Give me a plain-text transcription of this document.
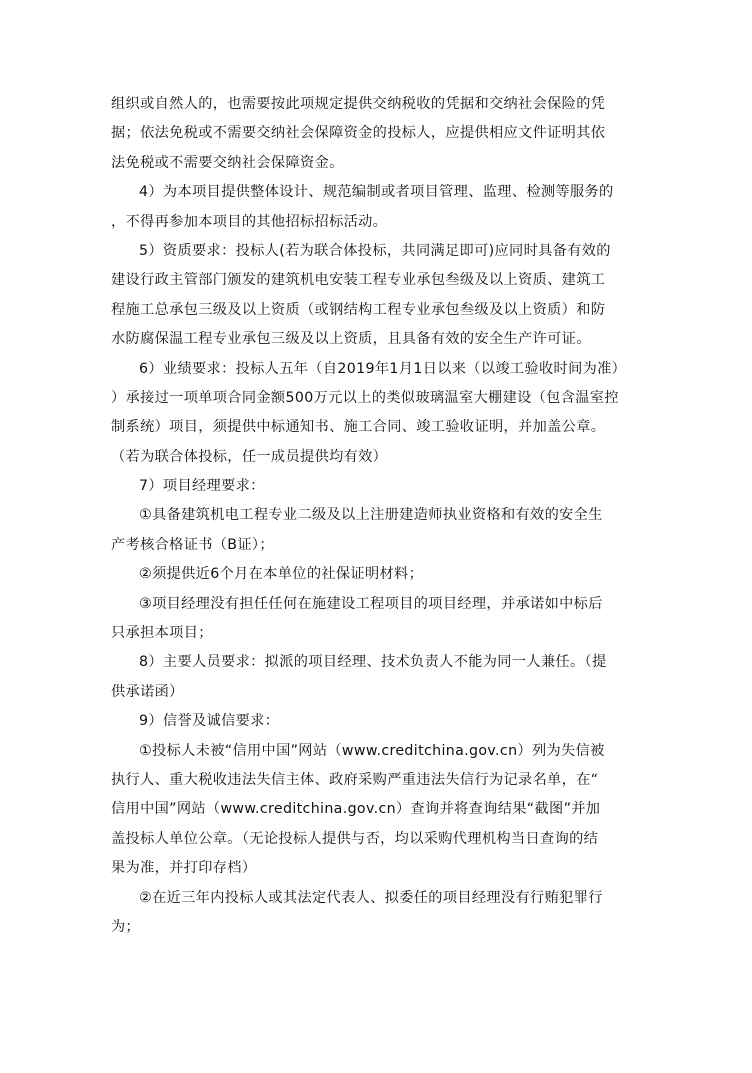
组织或自然人的，也需要按此项规定提供交纳税收的凭据和交纳社会保险的凭
据；依法免税或不需要交纳社会保障资金的投标人，应提供相应文件证明其依
法免税或不需要交纳社会保障资金。
4）为本项目提供整体设计、规范编制或者项目管理、监理、检测等服务的
，不得再参加本项目的其他招标招标活动。
5）资质要求：投标人(若为联合体投标，共同满足即可)应同时具备有效的
建设行政主管部门颁发的建筑机电安装工程专业承包叁级及以上资质、建筑工
程施工总承包三级及以上资质（或钢结构工程专业承包叁级及以上资质）和防
水防腐保温工程专业承包三级及以上资质，且具备有效的安全生产许可证。
6）业绩要求：投标人五年（自2019年1月1日以来（以竣工验收时间为准）
）承接过一项单项合同金额500万元以上的类似玻璃温室大棚建设（包含温室控
制系统）项目，须提供中标通知书、施工合同、竣工验收证明，并加盖公章。
（若为联合体投标，任一成员提供均有效）
7）项目经理要求：
①具备建筑机电工程专业二级及以上注册建造师执业资格和有效的安全生
产考核合格证书（B证）；
②须提供近6个月在本单位的社保证明材料；
③项目经理没有担任任何在施建设工程项目的项目经理，并承诺如中标后
只承担本项目；
8）主要人员要求：拟派的项目经理、技术负责人不能为同一人兼任。（提
供承诺函）
9）信誉及诚信要求：
①投标人未被“信用中国”网站（www.creditchina.gov.cn）列为失信被
执行人、重大税收违法失信主体、政府采购严重违法失信行为记录名单，在“
信用中国”网站（www.creditchina.gov.cn）查询并将查询结果“截图”并加
盖投标人单位公章。（无论投标人提供与否，均以采购代理机构当日查询的结
果为准，并打印存档）
②在近三年内投标人或其法定代表人、拟委任的项目经理没有行贿犯罪行
为；
